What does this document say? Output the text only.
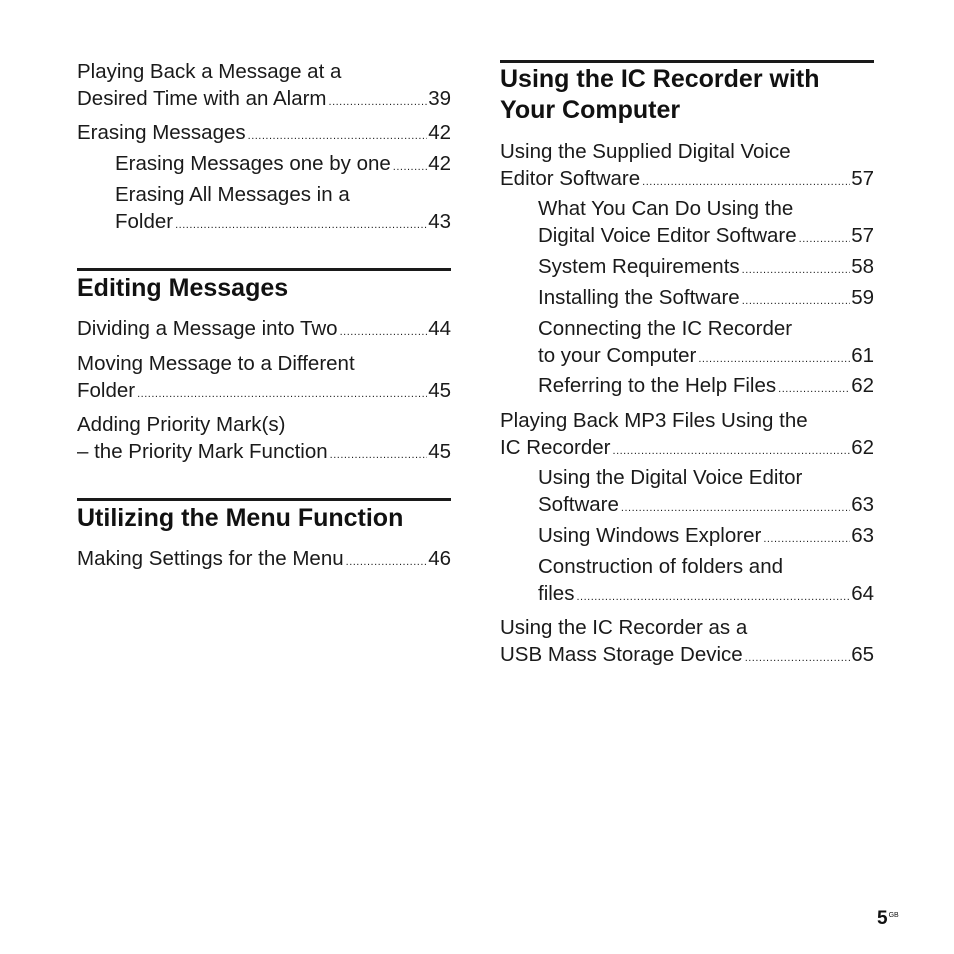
Playing Back a Message at a
Desired Time with an Alarm .....	39
Erasing Messages .....	42
Erasing Messages one by one ..... 42
Erasing All Messages in a
Folder .....	43
Editing Messages
Dividing a Message into Two .....	44
Moving Message to a Different
Folder .....	45
Adding Priority Mark(s)
– the Priority Mark Function .....	45
Utilizing the Menu Function
Making Settings for the Menu .....	46
Using the IC Recorder with
Your Computer
Using the Supplied Digital Voice
Editor Software .....	57
What You Can Do Using the
Digital Voice Editor Software .....	57
System Requirements .....	58
Installing the Software .....	59
Connecting the IC Recorder
to your Computer .....	61
Referring to the Help Files .....	62
Playing Back MP3 Files Using the
IC Recorder .....	62
Using the Digital Voice Editor
Software .....	63
Using Windows Explorer .....	63
Construction of folders and
files .....	64
Using the IC Recorder as a
USB Mass Storage Device .....	65
$5^{GB}$
